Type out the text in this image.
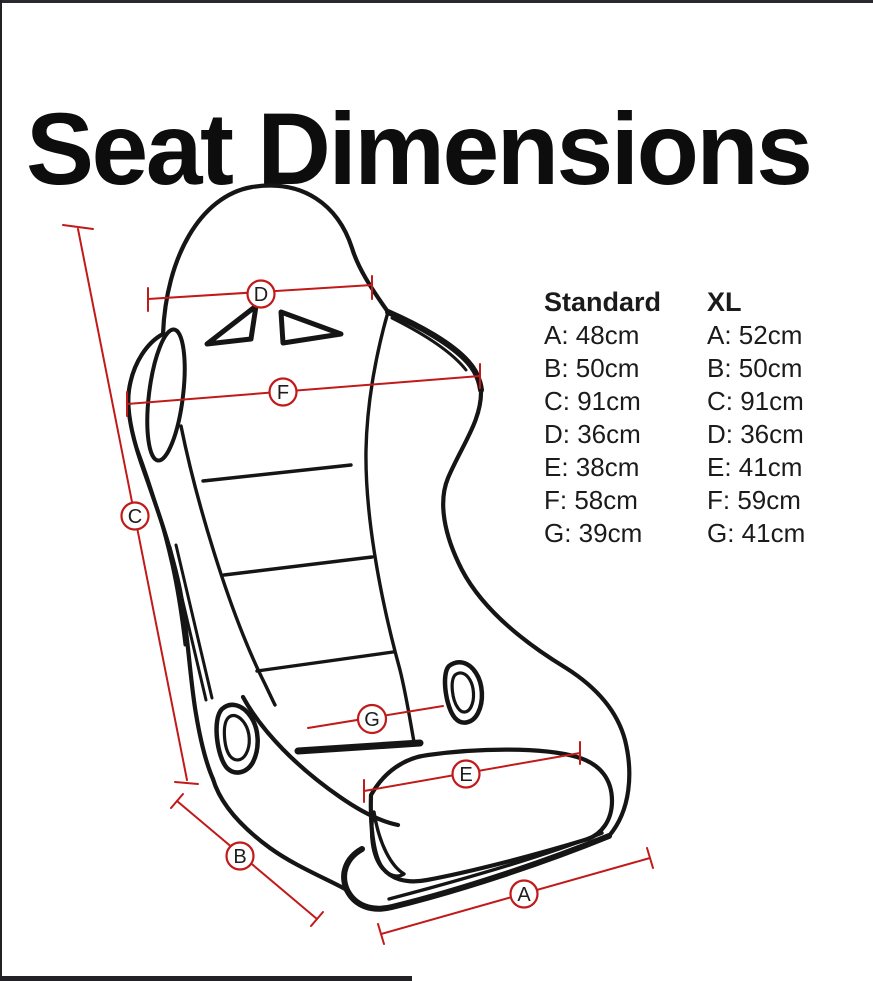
Seat Dimensions
D
F
C
G
E
B
A
Standard
A: 48cm
B: 50cm
C: 91cm
D: 36cm
E: 38cm
F: 58cm
G: 39cm
XL
A: 52cm
B: 50cm
C: 91cm
D: 36cm
E: 41cm
F: 59cm
G: 41cm
